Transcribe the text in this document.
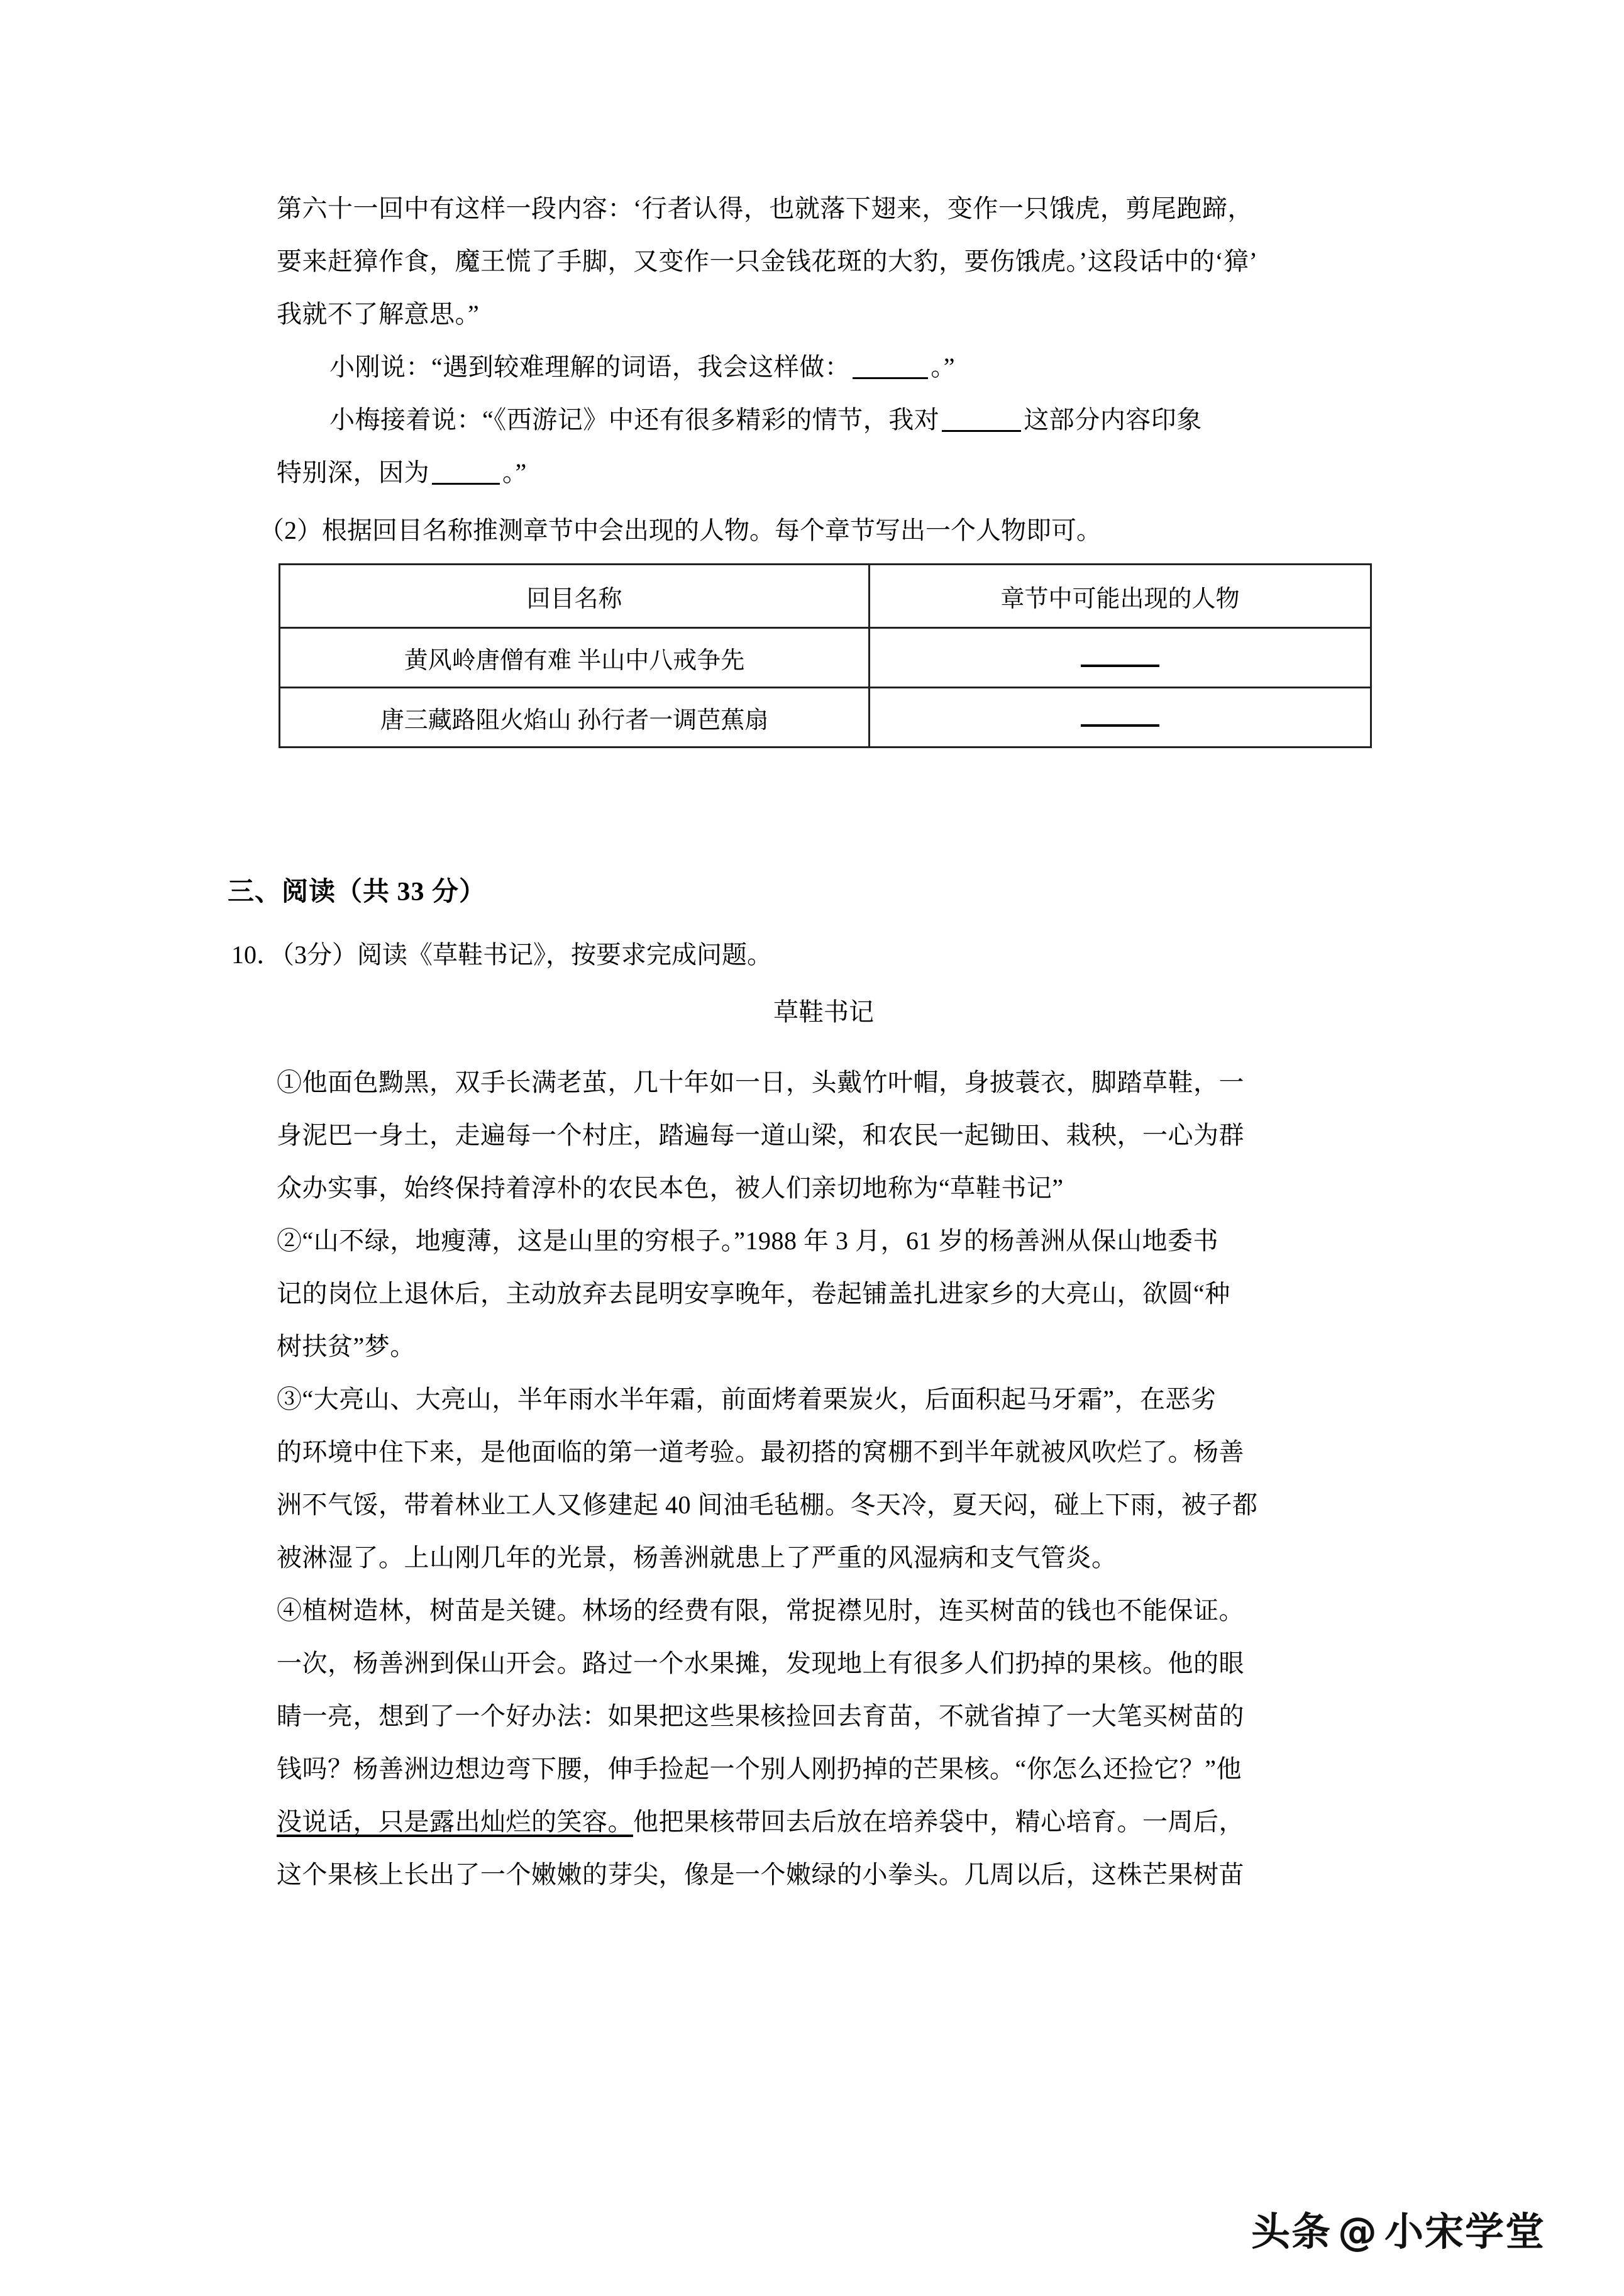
第六十一回中有这样一段内容：‘行者认得，也就落下翅来，变作一只饿虎，剪尾跑蹄，
要来赶獐作食，魔王慌了手脚，又变作一只金钱花斑的大豹，要伤饿虎。’这段话中的‘獐’
我就不了解意思。”
小刚说：“遇到较难理解的词语，我会这样做：	。”
小梅接着说：“《西游记》中还有很多精彩的情节，我对	这部分内容印象
特别深，因为	。”
（2）根据回目名称推测章节中会出现的人物。每个章节写出一个人物即可。
回目名称	章节中可能出现的人物
黄风岭唐僧有难 半山中八戒争先	
唐三藏路阻火焰山 孙行者一调芭蕉扇	
三、阅读（共 33 分）
10．（3分）阅读《草鞋书记》，按要求完成问题。
草鞋书记
①他面色黝黑，双手长满老茧，几十年如一日，头戴竹叶帽，身披蓑衣，脚踏草鞋，一
身泥巴一身土，走遍每一个村庄，踏遍每一道山梁，和农民一起锄田、栽秧，一心为群
众办实事，始终保持着淳朴的农民本色，被人们亲切地称为“草鞋书记”
②“山不绿，地瘦薄，这是山里的穷根子。”1988 年 3 月，61 岁的杨善洲从保山地委书
记的岗位上退休后，主动放弃去昆明安享晚年，卷起铺盖扎进家乡的大亮山，欲圆“种
树扶贫”梦。
③“大亮山、大亮山，半年雨水半年霜，前面烤着栗炭火，后面积起马牙霜”，在恶劣
的环境中住下来，是他面临的第一道考验。最初搭的窝棚不到半年就被风吹烂了。杨善
洲不气馁，带着林业工人又修建起 40 间油毛毡棚。冬天冷，夏天闷，碰上下雨，被子都
被淋湿了。上山刚几年的光景，杨善洲就患上了严重的风湿病和支气管炎。
④植树造林，树苗是关键。林场的经费有限，常捉襟见肘，连买树苗的钱也不能保证。
一次，杨善洲到保山开会。路过一个水果摊，发现地上有很多人们扔掉的果核。他的眼
睛一亮，想到了一个好办法：如果把这些果核捡回去育苗，不就省掉了一大笔买树苗的
钱吗？杨善洲边想边弯下腰，伸手捡起一个别人刚扔掉的芒果核。“你怎么还捡它？”他
没说话，只是露出灿烂的笑容。他把果核带回去后放在培养袋中，精心培育。一周后，
这个果核上长出了一个嫩嫩的芽尖，像是一个嫩绿的小拳头。几周以后，这株芒果树苗
头条 @ 小宋学堂
